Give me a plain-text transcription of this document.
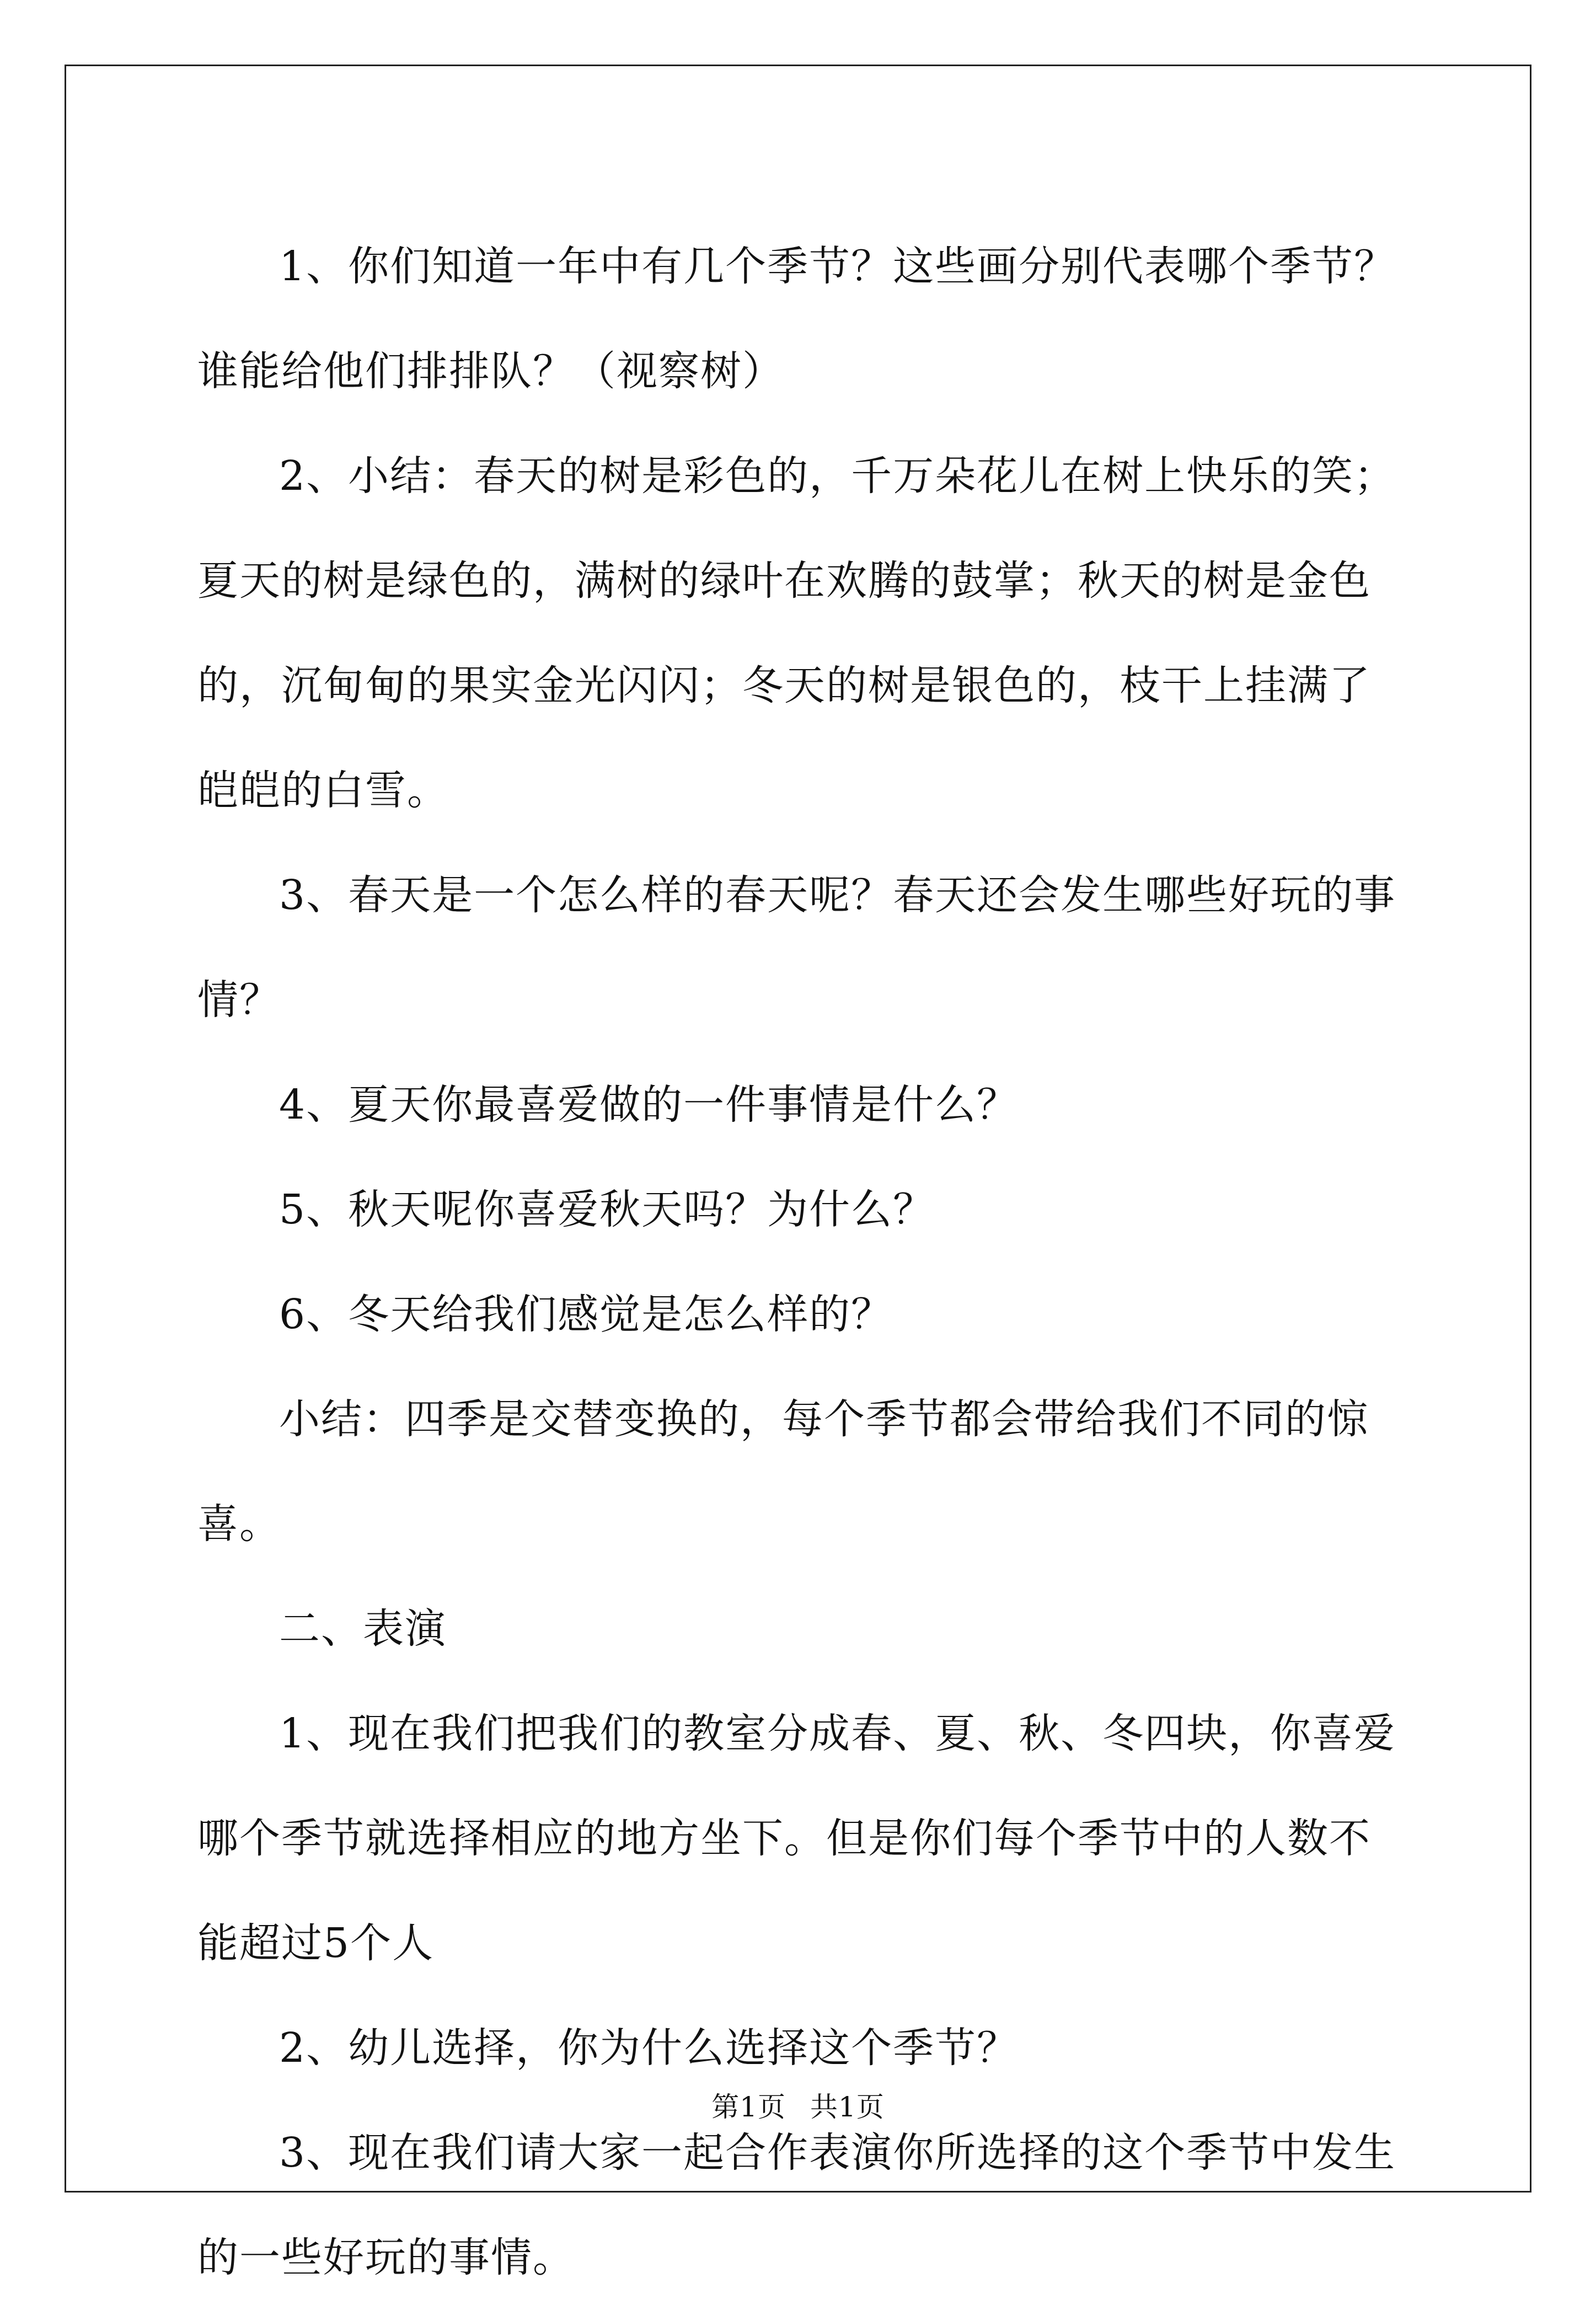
1、你们知道一年中有几个季节？这些画分别代表哪个季节？谁能给他们排排队？（视察树）

2、小结：春天的树是彩色的，千万朵花儿在树上快乐的笑；夏天的树是绿色的，满树的绿叶在欢腾的鼓掌；秋天的树是金色的，沉甸甸的果实金光闪闪；冬天的树是银色的，枝干上挂满了皑皑的白雪。

3、春天是一个怎么样的春天呢？春天还会发生哪些好玩的事情？

4、夏天你最喜爱做的一件事情是什么？

5、秋天呢你喜爱秋天吗？为什么？

6、冬天给我们感觉是怎么样的？

小结：四季是交替变换的，每个季节都会带给我们不同的惊喜。

二、表演

1、现在我们把我们的教室分成春、夏、秋、冬四块，你喜爱哪个季节就选择相应的地方坐下。但是你们每个季节中的人数不能超过5个人

2、幼儿选择，你为什么选择这个季节？

3、现在我们请大家一起合作表演你所选择的这个季节中发生的一些好玩的事情。

第1页 共1页
